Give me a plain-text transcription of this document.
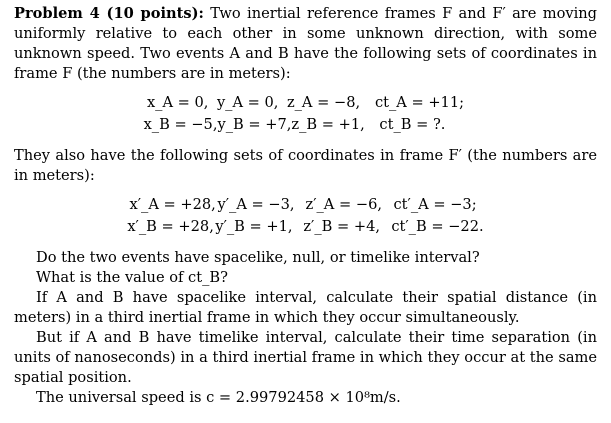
Problem 4 (10 points): Two inertial reference frames F and F′ are moving uniformly relative to each other in some unknown direction, with some unknown speed. Two events A and B have the following sets of coordinates in frame F (the numbers are in meters):

x_A = 0, y_A = 0, z_A = −8,	ct_A = +11;
x_B = −5, y_B = +7, z_B = +1,	ct_B = ?.

They also have the following sets of coordinates in frame F′ (the numbers are in meters):

x′_A = +28, y′_A = −3, z′_A = −6, ct′_A = −3;
x′_B = +28, y′_B = +1, z′_B = +4, ct′_B = −22.

Do the two events have spacelike, null, or timelike interval?

What is the value of ct_B?

If A and B have spacelike interval, calculate their spatial distance (in meters) in a third inertial frame in which they occur simultaneously.

But if A and B have timelike interval, calculate their time separation (in units of nanoseconds) in a third inertial frame in which they occur at the same spatial position.

The universal speed is c = 2.99792458 × 10⁸m/s.
